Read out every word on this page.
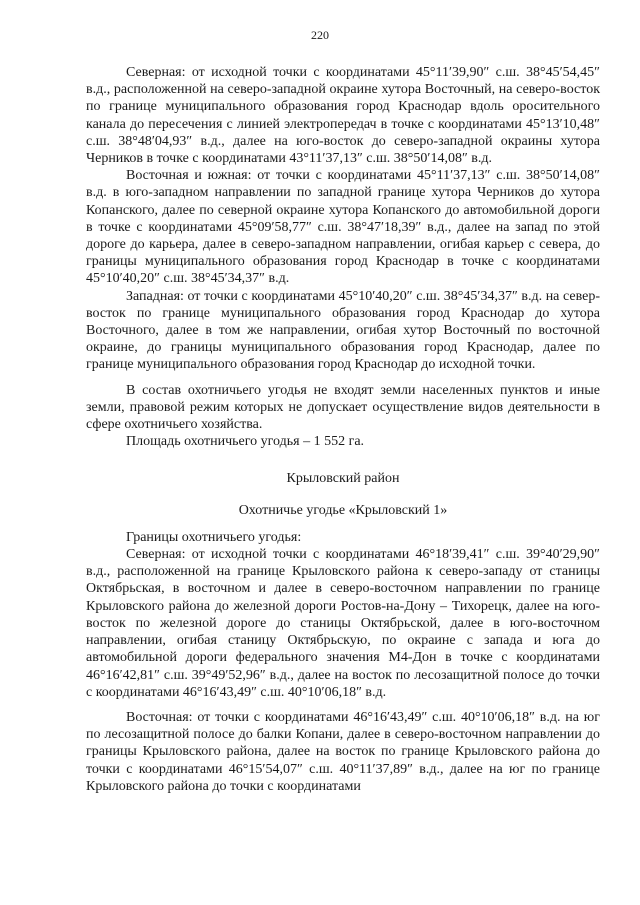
220

Северная: от исходной точки с координатами 45°11′39,90″ с.ш. 38°45′54,45″ в.д., расположенной на северо-западной окраине хутора Восточный, на северо-восток по границе муниципального образования город Краснодар вдоль оросительного канала до пересечения с линией электропередач в точке с координатами 45°13′10,48″ с.ш. 38°48′04,93″ в.д., далее на юго-восток до северо-западной окраины хутора Черников в точке с координатами 43°11′37,13″ с.ш. 38°50′14,08″ в.д.

Восточная и южная: от точки с координатами 45°11′37,13″ с.ш. 38°50′14,08″ в.д. в юго-западном направлении по западной границе хутора Черников до хутора Копанского, далее по северной окраине хутора Копанского до автомобильной дороги в точке с координатами 45°09′58,77″ с.ш. 38°47′18,39″ в.д., далее на запад по этой дороге до карьера, далее в северо-западном направлении, огибая карьер с севера, до границы муниципального образования город Краснодар в точке с координатами 45°10′40,20″ с.ш. 38°45′34,37″ в.д.

Западная: от точки с координатами 45°10′40,20″ с.ш. 38°45′34,37″ в.д. на север-восток по границе муниципального образования город Краснодар до хутора Восточного, далее в том же направлении, огибая хутор Восточный по восточной окраине, до границы муниципального образования город Краснодар, далее по границе муниципального образования город Краснодар до исходной точки.

В состав охотничьего угодья не входят земли населенных пунктов и иные земли, правовой режим которых не допускает осуществление видов деятельности в сфере охотничьего хозяйства.

Площадь охотничьего угодья – 1 552 га.

Крыловский район

Охотничье угодье «Крыловский 1»

Границы охотничьего угодья:

Северная: от исходной точки с координатами 46°18′39,41″ с.ш. 39°40′29,90″ в.д., расположенной на границе Крыловского района к северо-западу от станицы Октябрьская, в восточном и далее в северо-восточном направлении по границе Крыловского района до железной дороги Ростов-на-Дону – Тихорецк, далее на юго-восток по железной дороге до станицы Октябрьской, далее в юго-восточном направлении, огибая станицу Октябрьскую, по окраине с запада и юга до автомобильной дороги федерального значения М4-Дон в точке с координатами 46°16′42,81″ с.ш. 39°49′52,96″ в.д., далее на восток по лесозащитной полосе до точки с координатами 46°16′43,49″ с.ш. 40°10′06,18″ в.д.

Восточная: от точки с координатами 46°16′43,49″ с.ш. 40°10′06,18″ в.д. на юг по лесозащитной полосе до балки Копани, далее в северо-восточном направлении до границы Крыловского района, далее на восток по границе Крыловского района до точки с координатами 46°15′54,07″ с.ш. 40°11′37,89″ в.д., далее на юг по границе Крыловского района до точки с координатами
